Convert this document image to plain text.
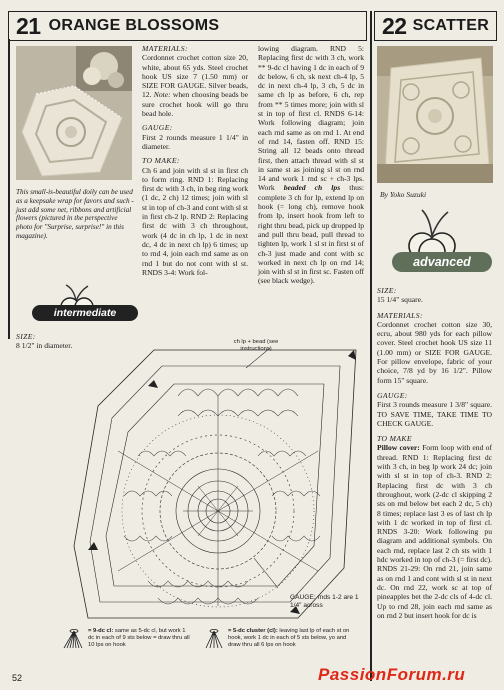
21 ORANGE BLOSSOMS	22 SCATTER
This small-is-beautiful doily can be used as a keepsake wrap for favors and such - just add some net, ribbons and artificial flowers (pictured in the perspective photo for "Surprise, surprise!" in this magazine).
intermediate
SIZE:
8 1/2" in diameter.

MATERIALS:
Cordonnet crochet cotton size 20, white, about 65 yds. Steel crochet hook US size 7 (1.50 mm) or SIZE FOR GAUGE. Silver beads, 12. Note: when choosing beads be sure crochet hook will go thru bead hole.

GAUGE:
First 2 rounds measure 1 1/4" in diameter.

TO MAKE:
Ch 6 and join with sl st in first ch to form ring. RND 1: Replacing first dc with 3 ch, in beg ring work (1 dc, 2 ch) 12 times; join with sl st in top of ch-3 and cont with sl st in first ch-2 lp. RND 2: Replacing first dc with 3 ch throughout, work (4 dc in ch lp, 1 dc in next dc, 4 dc in next ch lp) 6 times; up to rnd 4, join each rnd same as on rnd 1 but do not cont with sl st. RNDS 3-4: Work fol-

lowing diagram. RND 5: Replacing first dc with 3 ch, work ** 9-dc cl having 1 dc in each of 9 dc below, 6 ch, sk next ch-4 lp, 5 dc in next ch-4 lp, 3 ch, 5 dc in same ch lp as before, 6 ch, rep from ** 5 times more; join with sl st in top of first cl. RNDS 6-14: Work following diagram; join each rnd same as on rnd 1. At end of rnd 14, fasten off. RND 15: String all 12 beads onto thread first, then attach thread with sl st in same st as joining sl st on rnd 14 and work 1 rnd sc + ch-3 lps. Work beaded ch lps thus: complete 3 ch for lp, extend lp on hook (= long ch), remove hook from lp, insert hook from left to right thru bead, pick up dropped lp and pull thru bead, pull thread to tighten lp, work 1 sl st in first st of ch-3 just made and cont with sc worked in next ch lp on rnd 14; join with sl st in first sc. Fasten off (see black wedge).

ch lp + bead (see instructions)
GAUGE: rnds 1-2 are 1 1/4" across
= 9-dc cl: same as 5-dc cl, but work 1 dc in each of 9 sts below = draw thru all 10 lps on hook
= 5-dc cluster (cl): leaving last lp of each st on hook, work 1 dc in each of 5 sts below, yo and draw thru all 6 lps on hook
52
By Yoko Suzuki
advanced

SIZE:
15 1/4" square.

MATERIALS:
Cordonnet crochet cotton size 30, ecru, about 980 yds for each pillow cover. Steel crochet hook US size 11 (1.00 mm) or SIZE FOR GAUGE. For pillow envelope, fabric of your choice, 7/8 yd by 16 1/2". Pillow form 15" square.

GAUGE:
First 3 rounds measure 1 3/8" square. TO SAVE TIME, TAKE TIME TO CHECK GAUGE.

TO MAKE
Pillow cover: Form loop with end of thread. RND 1: Replacing first dc with 3 ch, in beg lp work 24 dc; join with sl st in top of ch-3. RND 2: Replacing first dc with 3 ch throughout, work (2-dc cl skipping 2 sts on rnd below bet each 2 dc, 5 ch) 8 times; replace last 3 es of last ch lp with 1 dc worked in top of first cl. RNDS 3-20: Work following pu diagram and additional symbols. On each rnd, replace last 2 ch sts with 1 hdc worked in top of ch-3 (= first dc). RNDS 21-29: On rnd 21, join same as on rnd 1 and cont with sl st in next dc. On rnd 22, work sc at top of pineapples bet the 2-dc cls of 4-dc cl. Up to rnd 28, join each rnd same as on rnd 2 but insert hook for dc is

PassionForum.ru
